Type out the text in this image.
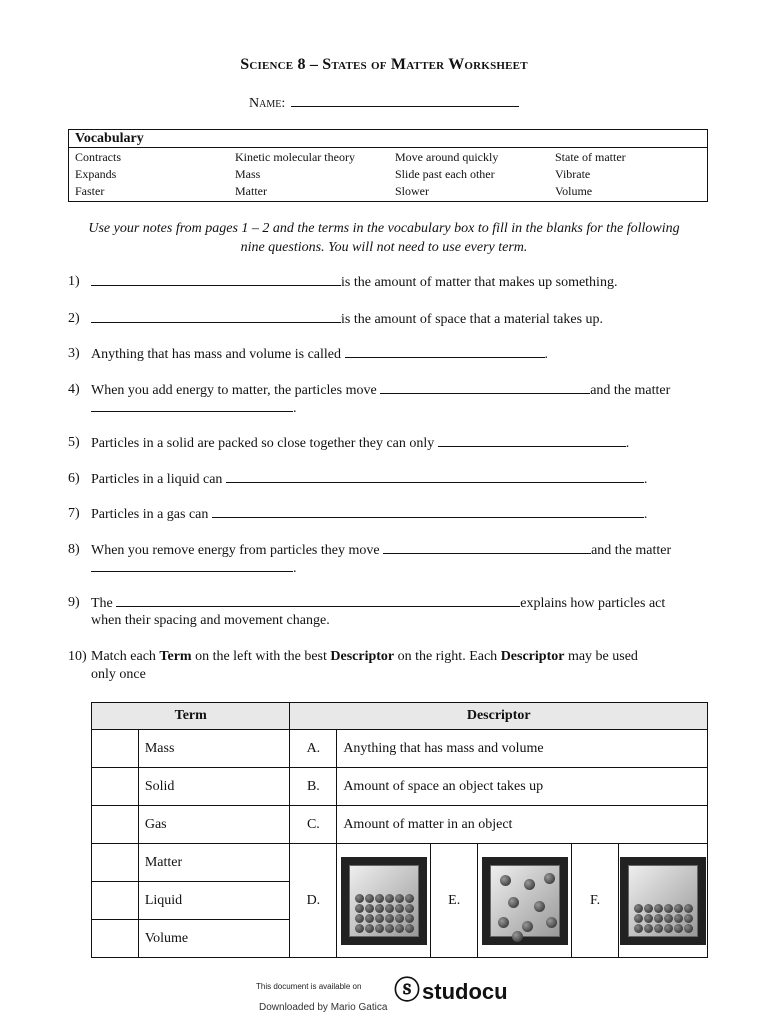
Science 8 – States of Matter Worksheet
Name:
Vocabulary
Contracts	Kinetic molecular theory	Move around quickly	State of matter
Expands	Mass	Slide past each other	Vibrate
Faster	Matter	Slower	Volume
Use your notes from pages 1 – 2 and the terms in the vocabulary box to fill in the blanks for the following nine questions. You will not need to use every term.
1)	is the amount of matter that makes up something.
2)	is the amount of space that a material takes up.
3) Anything that has mass and volume is called	.
4) When you add energy to matter, the particles move	and the matter
.
5) Particles in a solid are packed so close together they can only	.
6) Particles in a liquid can	.
7) Particles in a gas can	.
8) When you remove energy from particles they move	and the matter
.
9) The	explains how particles act
when their spacing and movement change.
10) Match each Term on the left with the best Descriptor on the right. Each Descriptor may be used
only once
Term		Descriptor					
	Mass	A.	Anything that has mass and volume				
	Solid	B.	Amount of space an object takes up				
	Gas	C.	Amount of matter in an object				
	Matter	D.		E.		F.	

	Liquid						
	Volume						
This document is available on ⓢstudocu
Downloaded by Mario Gatica
